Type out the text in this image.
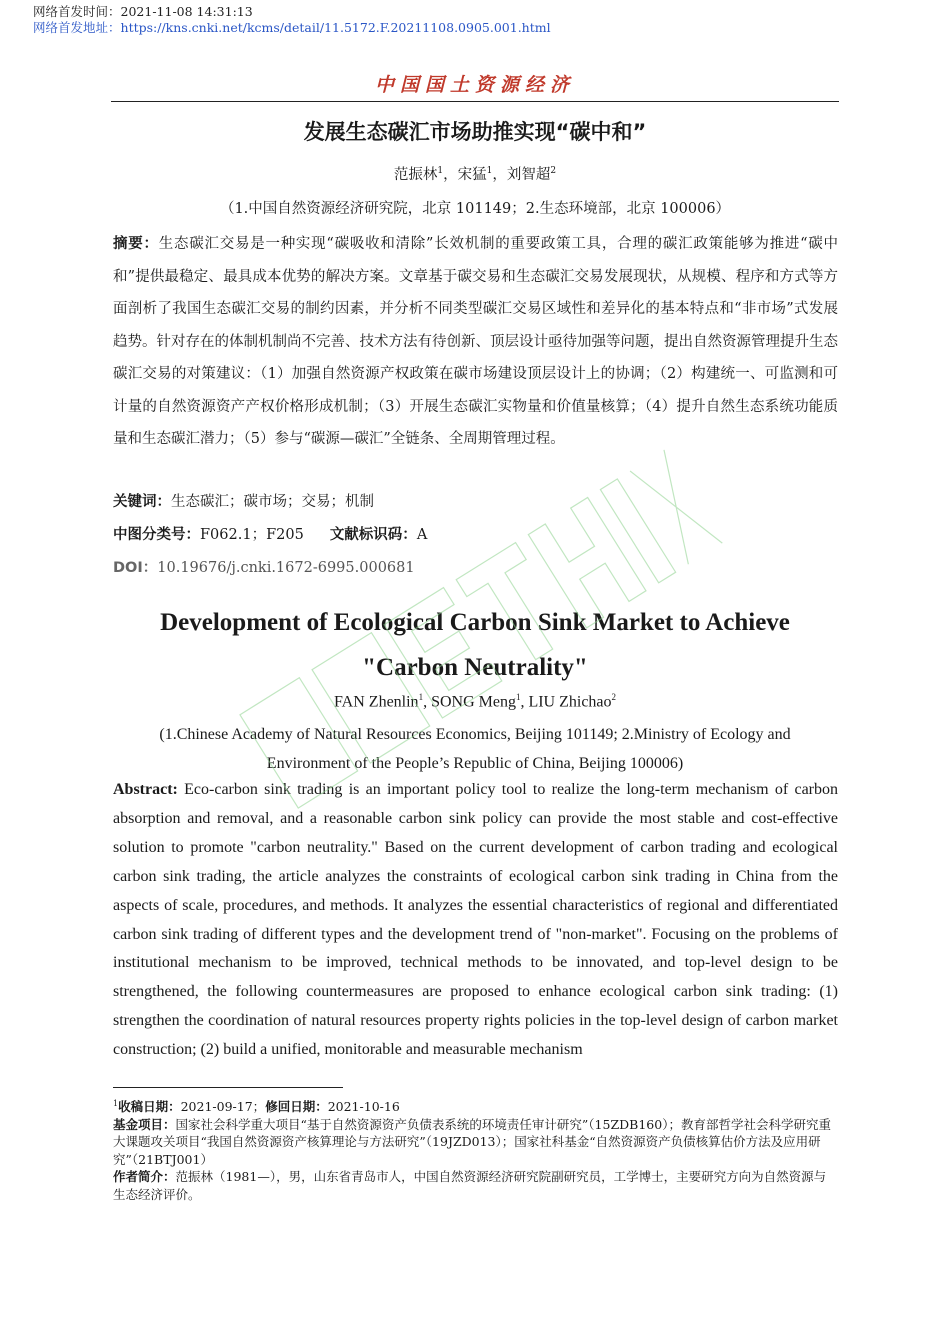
网络首发时间：2021-11-08 14:31:13
网络首发地址：https://kns.cnki.net/kcms/detail/11.5172.F.20211108.0905.001.html
中国国土资源经济
发展生态碳汇市场助推实现“碳中和”
范振林$^1$，宋猛$^1$，刘智超$^2$
（1.中国自然资源经济研究院，北京 101149；2.生态环境部，北京 100006）
摘要：生态碳汇交易是一种实现“碳吸收和清除”长效机制的重要政策工具，合理的碳汇政策能够为推进“碳中和”提供最稳定、最具成本优势的解决方案。文章基于碳交易和生态碳汇交易发展现状，从规模、程序和方式等方面剖析了我国生态碳汇交易的制约因素，并分析不同类型碳汇交易区域性和差异化的基本特点和“非市场”式发展趋势。针对存在的体制机制尚不完善、技术方法有待创新、顶层设计亟待加强等问题，提出自然资源管理提升生态碳汇交易的对策建议：（1）加强自然资源产权政策在碳市场建设顶层设计上的协调；（2）构建统一、可监测和可计量的自然资源资产产权价格形成机制；（3）开展生态碳汇实物量和价值量核算；（4）提升自然生态系统功能质量和生态碳汇潜力；（5）参与“碳源—碳汇”全链条、全周期管理过程。
关键词：生态碳汇；碳市场；交易；机制
中图分类号：F062.1；F205 文献标识码：A
DOI：10.19676/j.cnki.1672-6995.000681
Development of Ecological Carbon Sink Market to Achieve
"Carbon Neutrality"
FAN Zhenlin$^1$, SONG Meng$^1$, LIU Zhichao$^2$
(1.Chinese Academy of Natural Resources Economics, Beijing 101149; 2.Ministry of Ecology and
Environment of the People’s Republic of China, Beijing 100006)
Abstract: Eco-carbon sink trading is an important policy tool to realize the long-term mechanism of carbon absorption and removal, and a reasonable carbon sink policy can provide the most stable and cost-effective solution to promote "carbon neutrality." Based on the current development of carbon trading and ecological carbon sink trading, the article analyzes the constraints of ecological carbon sink trading in China from the aspects of scale, procedures, and methods. It analyzes the essential characteristics of regional and differentiated carbon sink trading of different types and the development trend of "non-market". Focusing on the problems of institutional mechanism to be improved, technical methods to be innovated, and top-level design to be strengthened, the following countermeasures are proposed to enhance ecological carbon sink trading: (1) strengthen the coordination of natural resources property rights policies in the top-level design of carbon market construction; (2) build a unified, monitorable and measurable mechanism
$^1$收稿日期：2021-09-17；修回日期：2021-10-16
基金项目：国家社会科学重大项目“基于自然资源资产负债表系统的环境责任审计研究”（15ZDB160）；教育部哲学社会科学研究重大课题攻关项目“我国自然资源资产核算理论与方法研究”（19JZD013）；国家社科基金“自然资源资产负债核算估价方法及应用研究”（21BTJ001）
作者简介：范振林（1981—），男，山东省青岛市人，中国自然资源经济研究院副研究员，工学博士，主要研究方向为自然资源与生态经济评价。
